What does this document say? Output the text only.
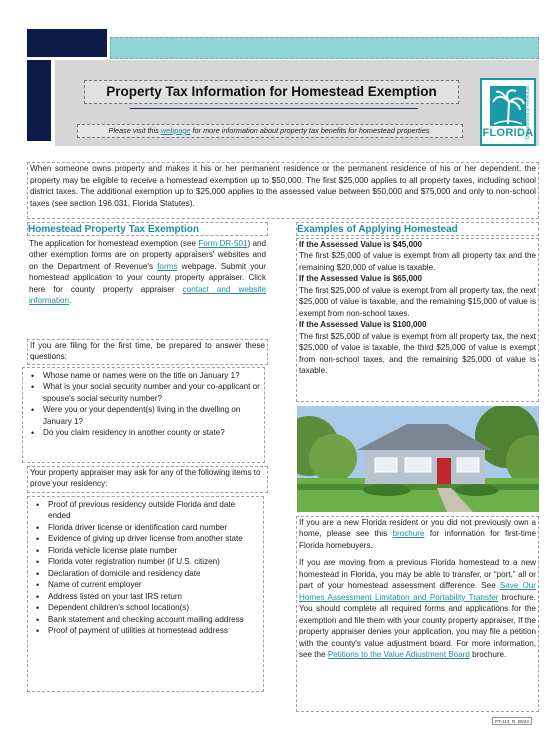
Property Tax Information for Homestead Exemption
Please visit this
webpage
for more information about property tax benefits for homestead properties.	Department of Revenue
FLORIDA
When someone owns property and makes it his or her permanent residence or the permanent residence of his or her dependent, the property may be eligible to receive a homestead exemption up to $50,000. The first $25,000 applies to all property taxes, including school district taxes. The additional exemption up to $25,000 applies to the assessed value between $50,000 and $75,000 and only to non-school taxes (see section 196.031, Florida Statutes).
Homestead Property Tax Exemption
The application for homestead exemption (see Form DR-501) and other exemption forms are on property appraisers' websites and on the Department of Revenue's forms webpage. Submit your homestead application to your county property appraiser. Click here for county property appraiser contact and website information.
If you are filing for the first time, be prepared to answer these questions:
• Whose name or names were on the title on January 1?
• What is your social security number and your co-applicant or spouse's social security number?
• Were you or your dependent(s) living in the dwelling on January 1?
• Do you claim residency in another county or state?
Your property appraiser may ask for any of the following items to prove your residency:
• Proof of previous residency outside Florida and date ended
• Florida driver license or identification card number
• Evidence of giving up driver license from another state
• Florida vehicle license plate number
• Florida voter registration number (if U.S. citizen)
• Declaration of domicile and residency date
• Name of current employer
• Address listed on your last IRS return
• Dependent children's school location(s)
• Bank statement and checking account mailing address
• Proof of payment of utilities at homestead address
Examples of Applying Homestead
If the Assessed Value is $45,000
The first $25,000 of value is exempt from all property tax and the remaining $20,000 of value is taxable.
If the Assessed Value is $65,000
The first $25,000 of value is exempt from all property tax, the next $25,000 of value is taxable, and the remaining $15,000 of value is exempt from non-school taxes.
If the Assessed Value is $100,000
The first $25,000 of value is exempt from all property tax, the next $25,000 of value is taxable, the third $25,000 of value is exempt from non-school taxes, and the remaining $25,000 of value is taxable.

If you are a new Florida resident or you did not previously own a home, please see this brochure for information for first-time Florida homebuyers.

If you are moving from a previous Florida homestead to a new homestead in Florida, you may be able to transfer, or “port,” all or part of your homestead assessment difference. See Save Our Homes Assessment Limitation and Portability Transfer brochure. You should complete all required forms and applications for the exemption and file them with your county property appraiser. If the property appraiser denies your application, you may file a petition with the county's value adjustment board. For more information, see the Petitions to the Value Adjustment Board brochure.

PT-113, R. 08/24
